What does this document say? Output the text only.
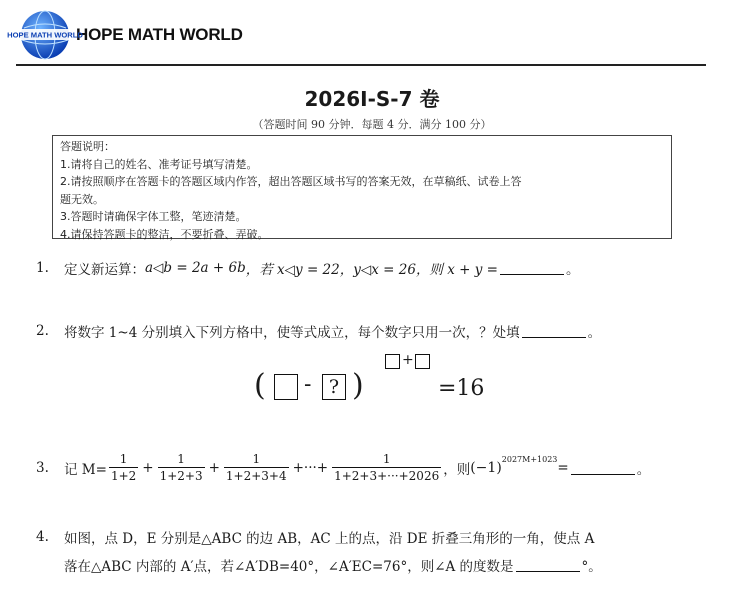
HOPE MATH WORLD
HOPE MATH WORLD
2026I-S-7 卷
（答题时间 90 分钟．每题 4 分．满分 100 分）
答题说明：
1.请将自己的姓名、准考证号填写清楚。
2.请按照顺序在答题卡的答题区域内作答，超出答题区域书写的答案无效，在草稿纸、试卷上答
题无效。
3.答题时请确保字体工整，笔迹清楚。
4.请保持答题卡的整洁，不要折叠、弄破。
1.	定义新运算： a◁b = 2a + 6b ，若 x◁y = 22 ，y◁x = 26 ，则 x + y =	。
2.	将数字 1~4 分别填入下列方格中，使等式成立，每个数字只用一次，？处填	。
( - ? )
+
=16
3.	记 $M= \frac{1}{1+2} + \frac{1}{1+2+3} + \frac{1}{1+2+3+4}$ +···+ $\frac{1}{1+2+3+\cdot\cdot\cdot+2026}$ ，则 $(-1)^{2027M+1023}$ =	。
4.	如图，点 D，E 分别是△ABC 的边 AB，AC 上的点，沿 DE 折叠三角形的一角，使点 A
落在△ABC 内部的 A′点，若∠A′DB=40°，∠A′EC=76°，则∠A 的度数是	°。
